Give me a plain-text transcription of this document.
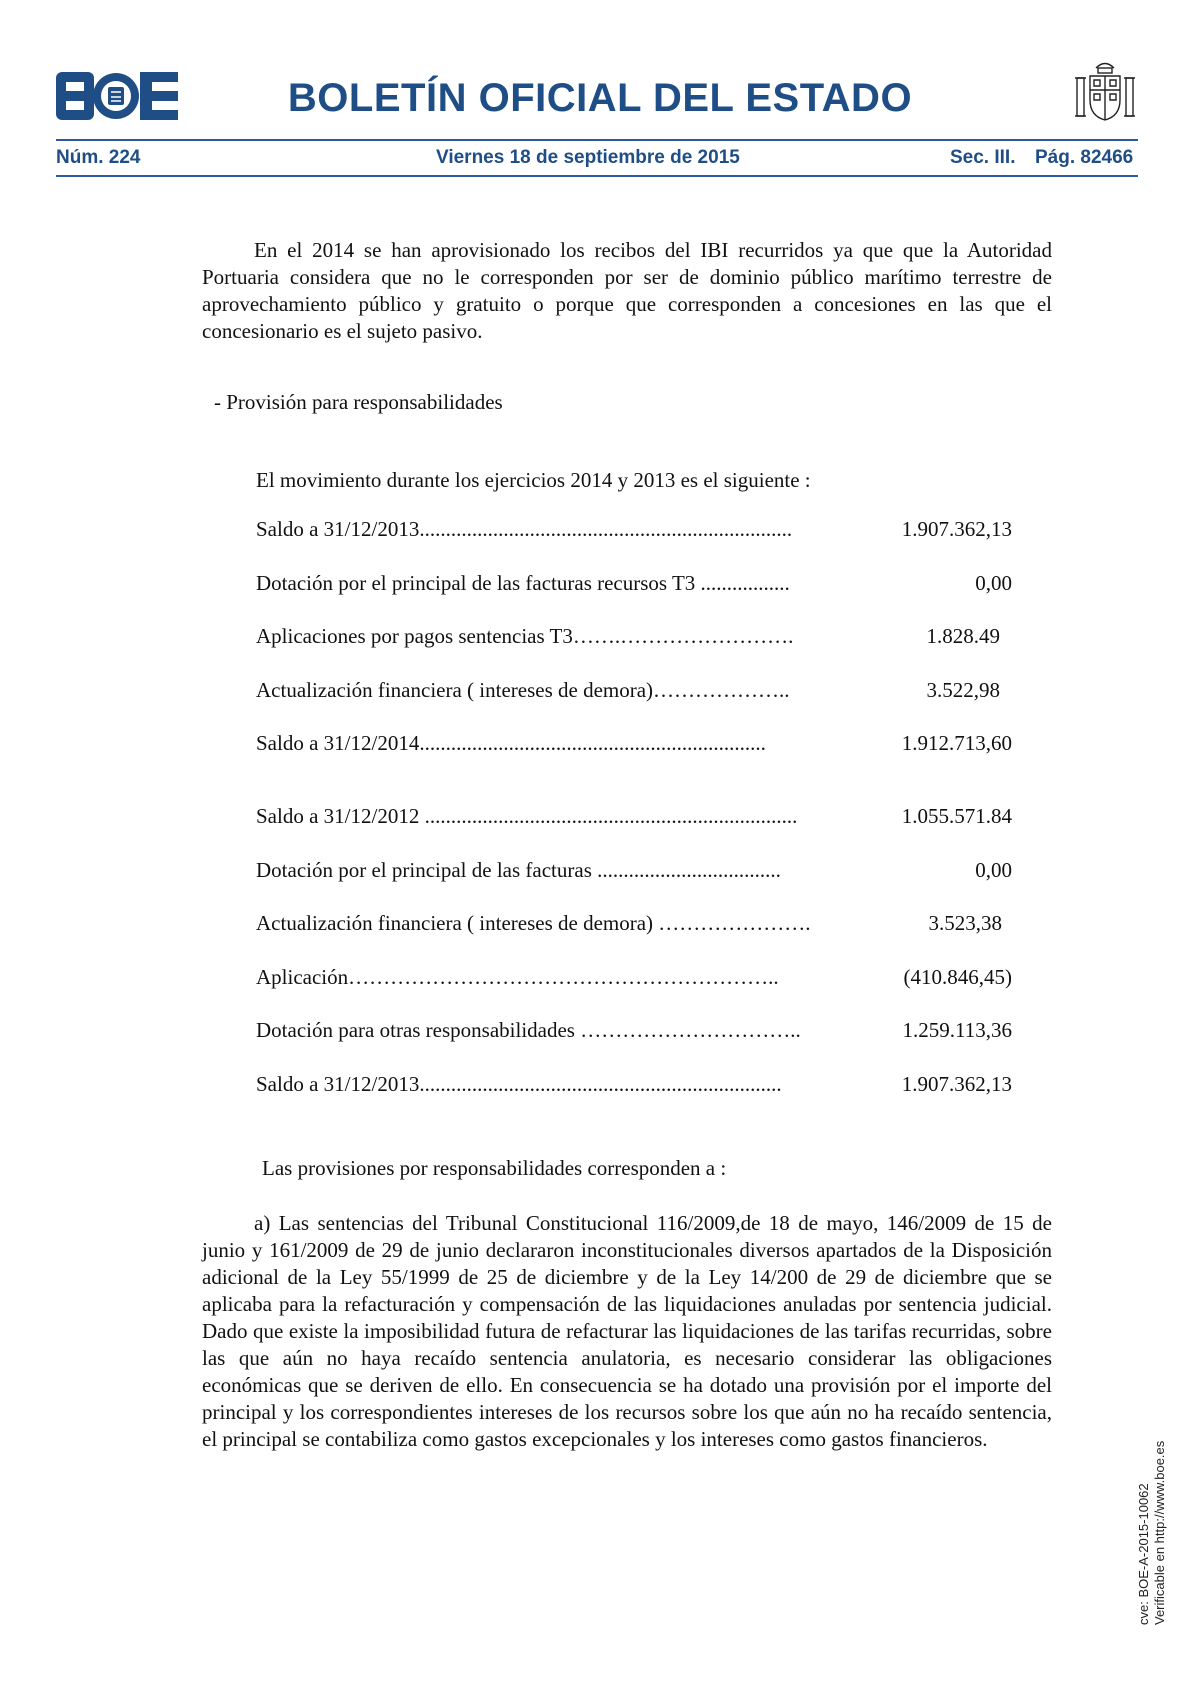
BOLETÍN OFICIAL DEL ESTADO
Núm. 224	Viernes 18 de septiembre de 2015	Sec. III. Pág. 82466

En el 2014 se han aprovisionado los recibos del IBI recurridos ya que que la Autoridad Portuaria considera que no le corresponden por ser de dominio público marítimo terrestre de aprovechamiento público y gratuito o porque que corresponden a concesiones en las que el concesionario es el sujeto pasivo.

- Provisión para responsabilidades
El movimiento durante los ejercicios 2014 y 2013 es el siguiente :
Saldo a 31/12/2013.......................................................................	1.907.362,13
Dotación por el principal de las facturas recursos T3 .................	0,00
Aplicaciones por pagos sentencias T3…….…………………….	1.828.49
Actualización financiera ( intereses de demora)………………..	3.522,98
Saldo a 31/12/2014..................................................................	1.912.713,60
Saldo a 31/12/2012 .......................................................................	1.055.571.84
Dotación por el principal de las facturas ...................................	0,00
Actualización financiera ( intereses de demora) ………………….	3.523,38
Aplicación……………………………………………………..	(410.846,45)
Dotación para otras responsabilidades …………………………..	1.259.113,36
Saldo a 31/12/2013.....................................................................	1.907.362,13
Las provisiones por responsabilidades corresponden a :

a) Las sentencias del Tribunal Constitucional 116/2009,de 18 de mayo, 146/2009 de 15 de junio y 161/2009 de 29 de junio declararon inconstitucionales diversos apartados de la Disposición adicional de la Ley 55/1999 de 25 de diciembre y de la Ley 14/200 de 29 de diciembre que se aplicaba para la refacturación y compensación de las liquidaciones anuladas por sentencia judicial. Dado que existe la imposibilidad futura de refacturar las liquidaciones de las tarifas recurridas, sobre las que aún no haya recaído sentencia anulatoria, es necesario considerar las obligaciones económicas que se deriven de ello. En consecuencia se ha dotado una provisión por el importe del principal y los correspondientes intereses de los recursos sobre los que aún no ha recaído sentencia, el principal se contabiliza como gastos excepcionales y los intereses como gastos financieros.

cve: BOE-A-2015-10062 Verificable en http://www.boe.es
